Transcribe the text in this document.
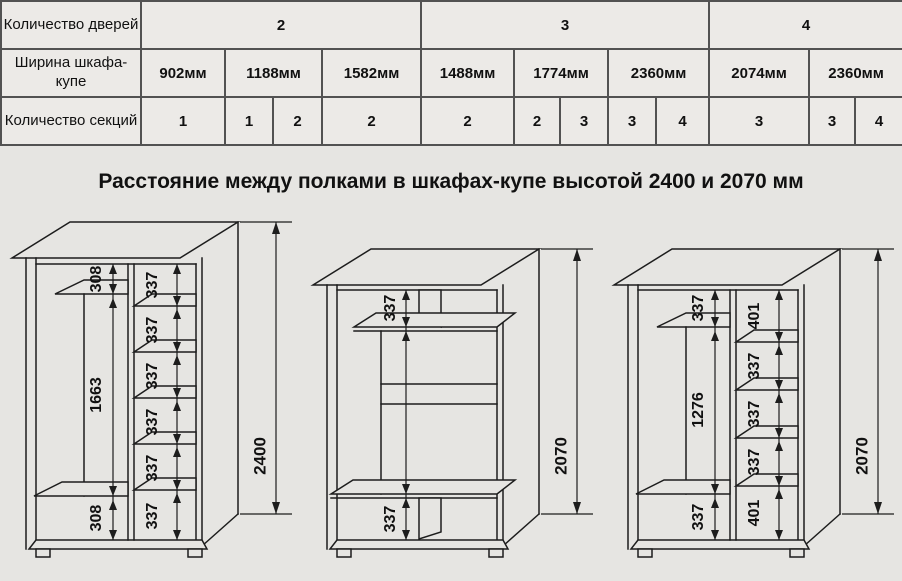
Количество дверей	2				3					4		
Ширина шкафа-купе	902мм	1188мм		1582мм	1488мм	1774мм		2360мм		2074мм	2360мм	
Количество секций	1	1	2	2	2	2	3	3	4	3	3	4
Расстояние между полками в шкафах-купе высотой 2400 и 2070 мм
308
1663
308
337
337
337
337
337
337
2400
337
337
2070
337
1276
337
401
337
337
337
401
2070
